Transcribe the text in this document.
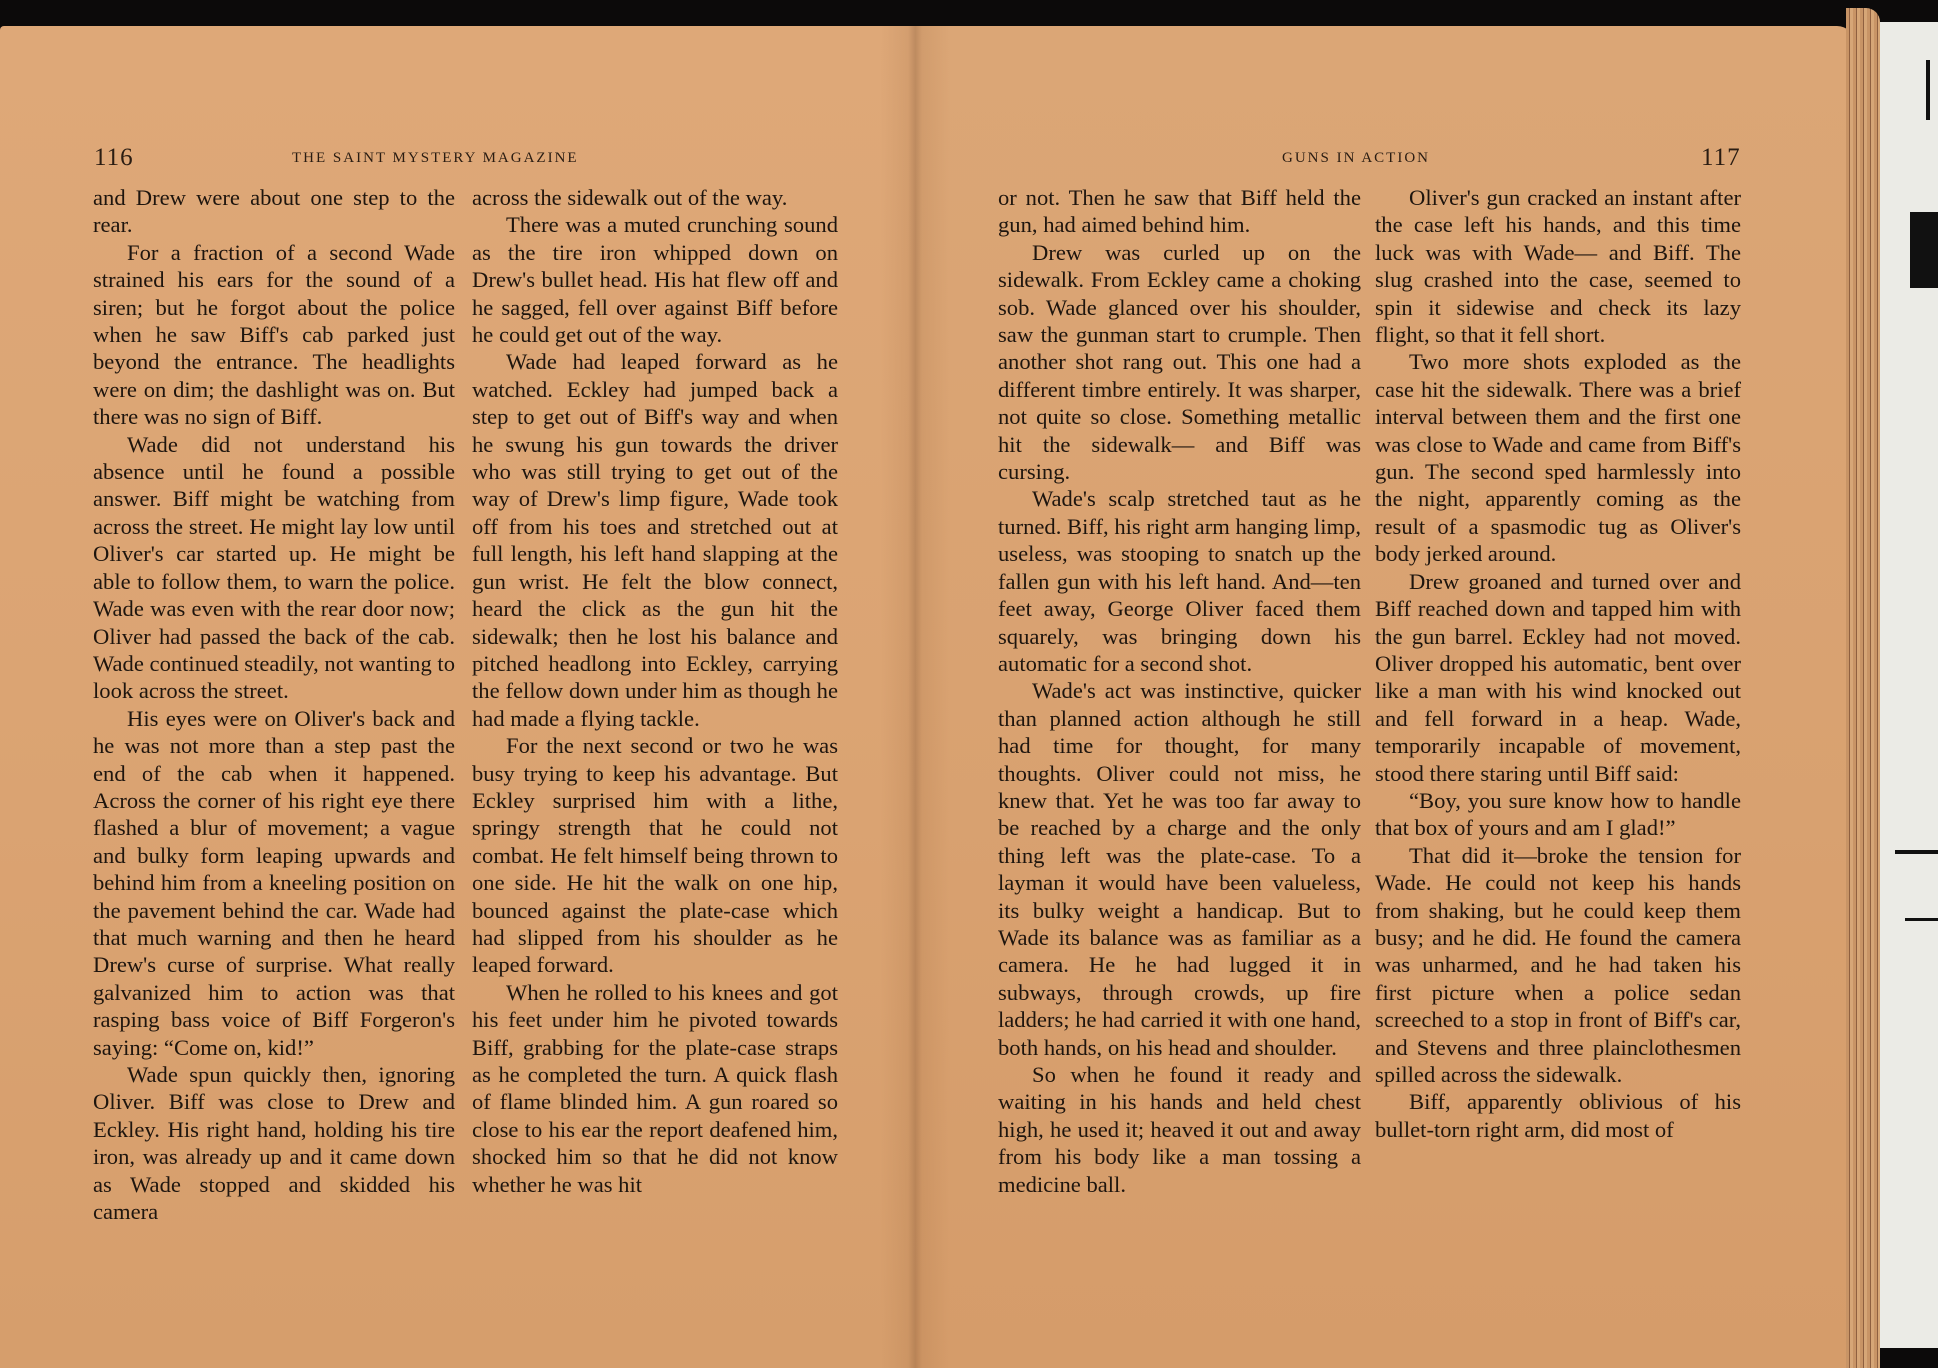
116	THE SAINT MYSTERY MAGAZINE

and Drew were about one step to the rear.

For a fraction of a second Wade strained his ears for the sound of a siren; but he forgot about the police when he saw Biff's cab parked just beyond the entrance. The headlights were on dim; the dashlight was on. But there was no sign of Biff.

Wade did not understand his absence until he found a possible answer. Biff might be watching from across the street. He might lay low until Oliver's car started up. He might be able to follow them, to warn the police. Wade was even with the rear door now; Oliver had passed the back of the cab. Wade continued steadily, not wanting to look across the street.

His eyes were on Oliver's back and he was not more than a step past the end of the cab when it happened. Across the corner of his right eye there flashed a blur of movement; a vague and bulky form leaping upwards and behind him from a kneeling position on the pavement behind the car. Wade had that much warning and then he heard Drew's curse of surprise. What really galvanized him to action was that rasping bass voice of Biff Forgeron's saying: “Come on, kid!”

Wade spun quickly then, ignoring Oliver. Biff was close to Drew and Eckley. His right hand, holding his tire iron, was already up and it came down as Wade stopped and skidded his camera

across the sidewalk out of the way.

There was a muted crunching sound as the tire iron whipped down on Drew's bullet head. His hat flew off and he sagged, fell over against Biff before he could get out of the way.

Wade had leaped forward as he watched. Eckley had jumped back a step to get out of Biff's way and when he swung his gun towards the driver who was still trying to get out of the way of Drew's limp figure, Wade took off from his toes and stretched out at full length, his left hand slapping at the gun wrist. He felt the blow connect, heard the click as the gun hit the sidewalk; then he lost his balance and pitched headlong into Eckley, carrying the fellow down under him as though he had made a flying tackle.

For the next second or two he was busy trying to keep his advantage. But Eckley surprised him with a lithe, springy strength that he could not combat. He felt himself being thrown to one side. He hit the walk on one hip, bounced against the plate-case which had slipped from his shoulder as he leaped forward.

When he rolled to his knees and got his feet under him he pivoted towards Biff, grabbing for the plate-case straps as he completed the turn. A quick flash of flame blinded him. A gun roared so close to his ear the report deafened him, shocked him so that he did not know whether he was hit

GUNS IN ACTION	117

or not. Then he saw that Biff held the gun, had aimed behind him.

Drew was curled up on the sidewalk. From Eckley came a choking sob. Wade glanced over his shoulder, saw the gunman start to crumple. Then another shot rang out. This one had a different timbre entirely. It was sharper, not quite so close. Something metallic hit the sidewalk— and Biff was cursing.

Wade's scalp stretched taut as he turned. Biff, his right arm hanging limp, useless, was stooping to snatch up the fallen gun with his left hand. And—ten feet away, George Oliver faced them squarely, was bringing down his automatic for a second shot.

Wade's act was instinctive, quicker than planned action although he still had time for thought, for many thoughts. Oliver could not miss, he knew that. Yet he was too far away to be reached by a charge and the only thing left was the plate-case. To a layman it would have been valueless, its bulky weight a handicap. But to Wade its balance was as familiar as a camera. He he had lugged it in subways, through crowds, up fire ladders; he had carried it with one hand, both hands, on his head and shoulder.

So when he found it ready and waiting in his hands and held chest high, he used it; heaved it out and away from his body like a man tossing a medicine ball.

Oliver's gun cracked an instant after the case left his hands, and this time luck was with Wade— and Biff. The slug crashed into the case, seemed to spin it sidewise and check its lazy flight, so that it fell short.

Two more shots exploded as the case hit the sidewalk. There was a brief interval between them and the first one was close to Wade and came from Biff's gun. The second sped harmlessly into the night, apparently coming as the result of a spasmodic tug as Oliver's body jerked around.

Drew groaned and turned over and Biff reached down and tapped him with the gun barrel. Eckley had not moved. Oliver dropped his automatic, bent over like a man with his wind knocked out and fell forward in a heap. Wade, temporarily incapable of movement, stood there staring until Biff said:

“Boy, you sure know how to handle that box of yours and am I glad!”

That did it—broke the tension for Wade. He could not keep his hands from shaking, but he could keep them busy; and he did. He found the camera was unharmed, and he had taken his first picture when a police sedan screeched to a stop in front of Biff's car, and Stevens and three plainclothesmen spilled across the sidewalk.

Biff, apparently oblivious of his bullet-torn right arm, did most of
